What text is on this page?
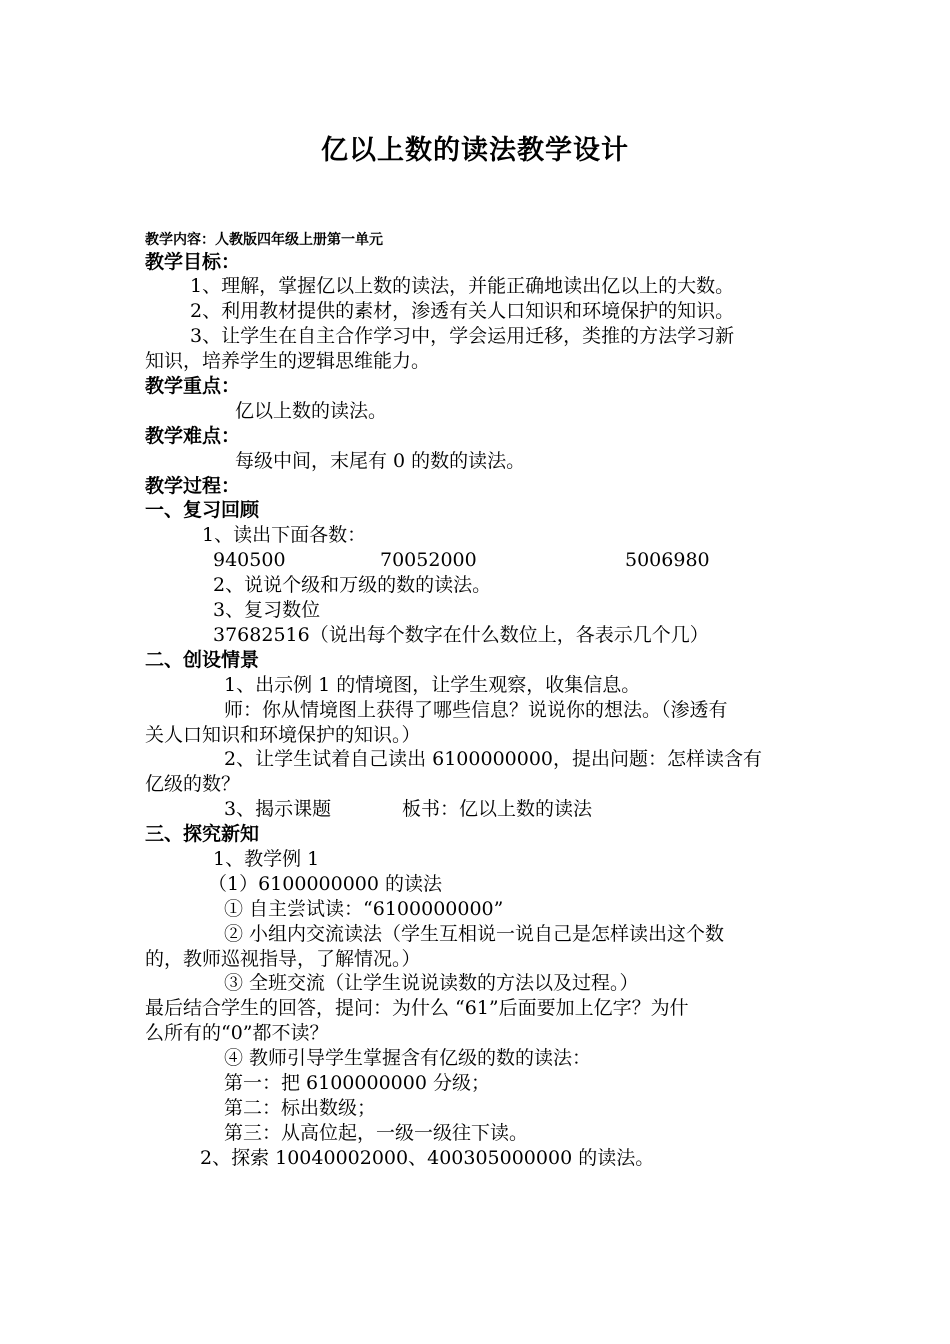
亿以上数的读法教学设计
教学内容：人教版四年级上册第一单元
教学目标：
1、理解，掌握亿以上数的读法，并能正确地读出亿以上的大数。
2、利用教材提供的素材，渗透有关人口知识和环境保护的知识。
3、让学生在自主合作学习中，学会运用迁移，类推的方法学习新
知识，培养学生的逻辑思维能力。
教学重点：
亿以上数的读法。
教学难点：
每级中间，末尾有 0 的数的读法。
教学过程：
一、复习回顾
1、读出下面各数：
940500	70052000	5006980
2、说说个级和万级的数的读法。
3、复习数位
37682516（说出每个数字在什么数位上，各表示几个几）
二、创设情景
1、出示例 1 的情境图，让学生观察，收集信息。
师：你从情境图上获得了哪些信息？说说你的想法。（渗透有
关人口知识和环境保护的知识。）
2、让学生试着自己读出 6100000000，提出问题：怎样读含有
亿级的数？
3、揭示课题	板书：亿以上数的读法
三、探究新知
1、教学例 1
（1）6100000000 的读法
① 自主尝试读：“6100000000”
② 小组内交流读法（学生互相说一说自己是怎样读出这个数
的，教师巡视指导，了解情况。）
③ 全班交流（让学生说说读数的方法以及过程。）
最后结合学生的回答，提问：为什么 “61”后面要加上亿字？为什
么所有的“0”都不读？
④ 教师引导学生掌握含有亿级的数的读法：
第一：把 6100000000 分级；
第二：标出数级；
第三：从高位起，一级一级往下读。
2、探索 10040002000、400305000000 的读法。
